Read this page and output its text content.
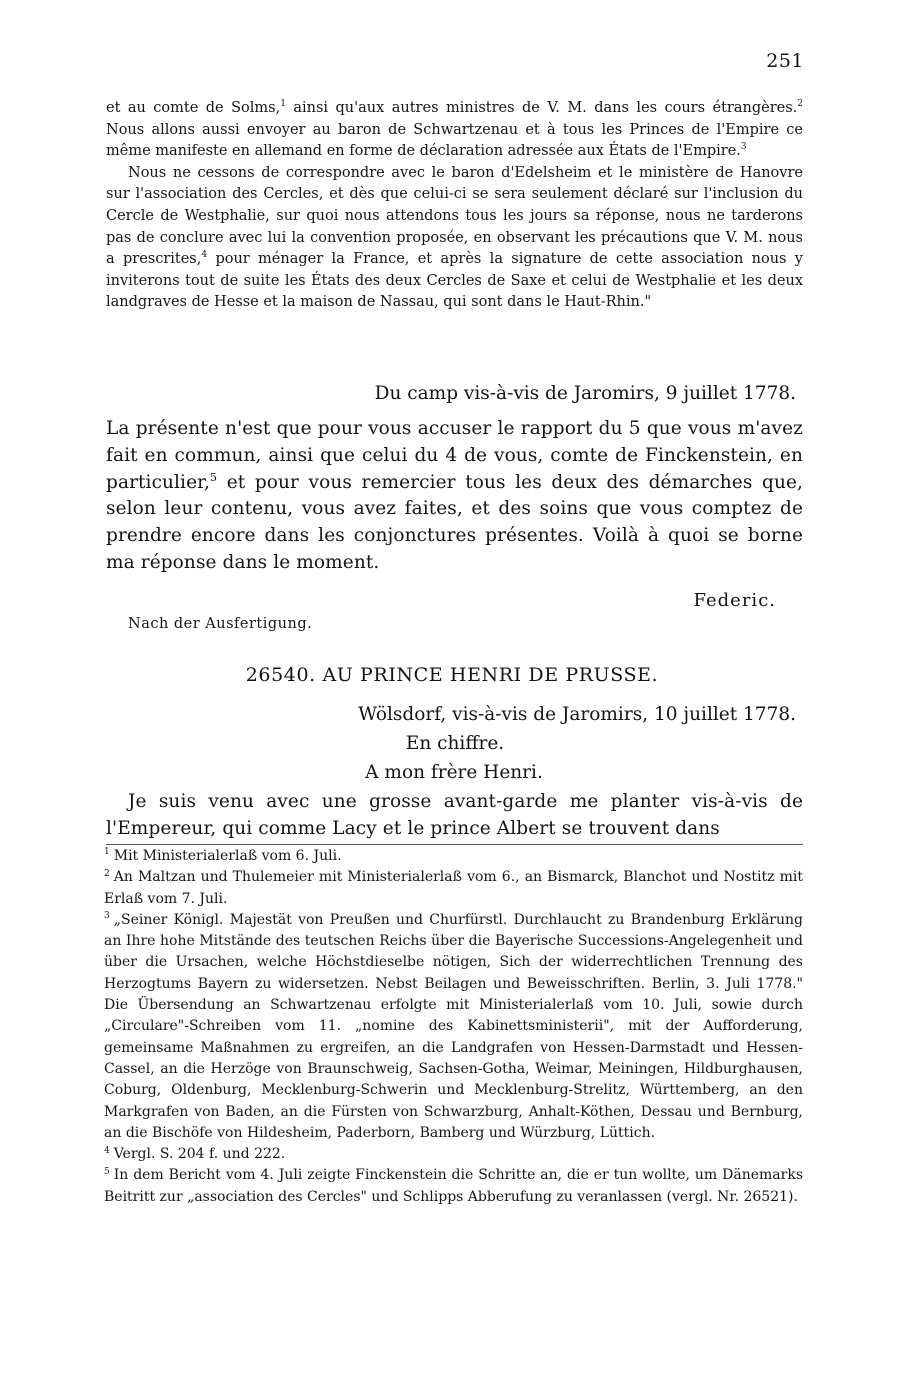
251

et au comte de Solms,$^1$ ainsi qu'aux autres ministres de V. M. dans les cours étrangères.$^2$ Nous allons aussi envoyer au baron de Schwartzenau et à tous les Princes de l'Empire ce même manifeste en allemand en forme de déclaration adressée aux États de l'Empire.$^3$

Nous ne cessons de correspondre avec le baron d'Edelsheim et le ministère de Hanovre sur l'association des Cercles, et dès que celui-ci se sera seulement déclaré sur l'inclusion du Cercle de Westphalie, sur quoi nous attendons tous les jours sa réponse, nous ne tarderons pas de conclure avec lui la convention proposée, en observant les précautions que V. M. nous a prescrites,$^4$ pour ménager la France, et après la signature de cette association nous y inviterons tout de suite les États des deux Cercles de Saxe et celui de Westphalie et les deux landgraves de Hesse et la maison de Nassau, qui sont dans le Haut-Rhin."

Du camp vis-à-vis de Jaromirs, 9 juillet 1778.

La présente n'est que pour vous accuser le rapport du 5 que vous m'avez fait en commun, ainsi que celui du 4 de vous, comte de Finckenstein, en particulier,$^5$ et pour vous remercier tous les deux des démarches que, selon leur contenu, vous avez faites, et des soins que vous comptez de prendre encore dans les conjonctures présentes. Voilà à quoi se borne ma réponse dans le moment.

Federic.
Nach der Ausfertigung.
26540. AU PRINCE HENRI DE PRUSSE.
Wölsdorf, vis-à-vis de Jaromirs, 10 juillet 1778.
En chiffre.
A mon frère Henri.

Je suis venu avec une grosse avant-garde me planter vis-à-vis de l'Empereur, qui comme Lacy et le prince Albert se trouvent dans

$^1$ Mit Ministerialerlaß vom 6. Juli.

$^2$ An Maltzan und Thulemeier mit Ministerialerlaß vom 6., an Bismarck, Blanchot und Nostitz mit Erlaß vom 7. Juli.

$^3$ „Seiner Königl. Majestät von Preußen und Churfürstl. Durchlaucht zu Brandenburg Erklärung an Ihre hohe Mitstände des teutschen Reichs über die Bayerische Successions-Angelegenheit und über die Ursachen, welche Höchstdieselbe nötigen, Sich der widerrechtlichen Trennung des Herzogtums Bayern zu widersetzen. Nebst Beilagen und Beweisschriften. Berlin, 3. Juli 1778." Die Übersendung an Schwartzenau erfolgte mit Ministerialerlaß vom 10. Juli, sowie durch „Circulare"-Schreiben vom 11. „nomine des Kabinettsministerii", mit der Aufforderung, gemeinsame Maßnahmen zu ergreifen, an die Landgrafen von Hessen-Darmstadt und Hessen-Cassel, an die Herzöge von Braunschweig, Sachsen-Gotha, Weimar, Meiningen, Hildburghausen, Coburg, Oldenburg, Mecklenburg-Schwerin und Mecklenburg-Strelitz, Württemberg, an den Markgrafen von Baden, an die Fürsten von Schwarzburg, Anhalt-Köthen, Dessau und Bernburg, an die Bischöfe von Hildesheim, Paderborn, Bamberg und Würzburg, Lüttich.

$^4$ Vergl. S. 204 f. und 222.

$^5$ In dem Bericht vom 4. Juli zeigte Finckenstein die Schritte an, die er tun wollte, um Dänemarks Beitritt zur „association des Cercles" und Schlipps Abberufung zu veranlassen (vergl. Nr. 26521).
